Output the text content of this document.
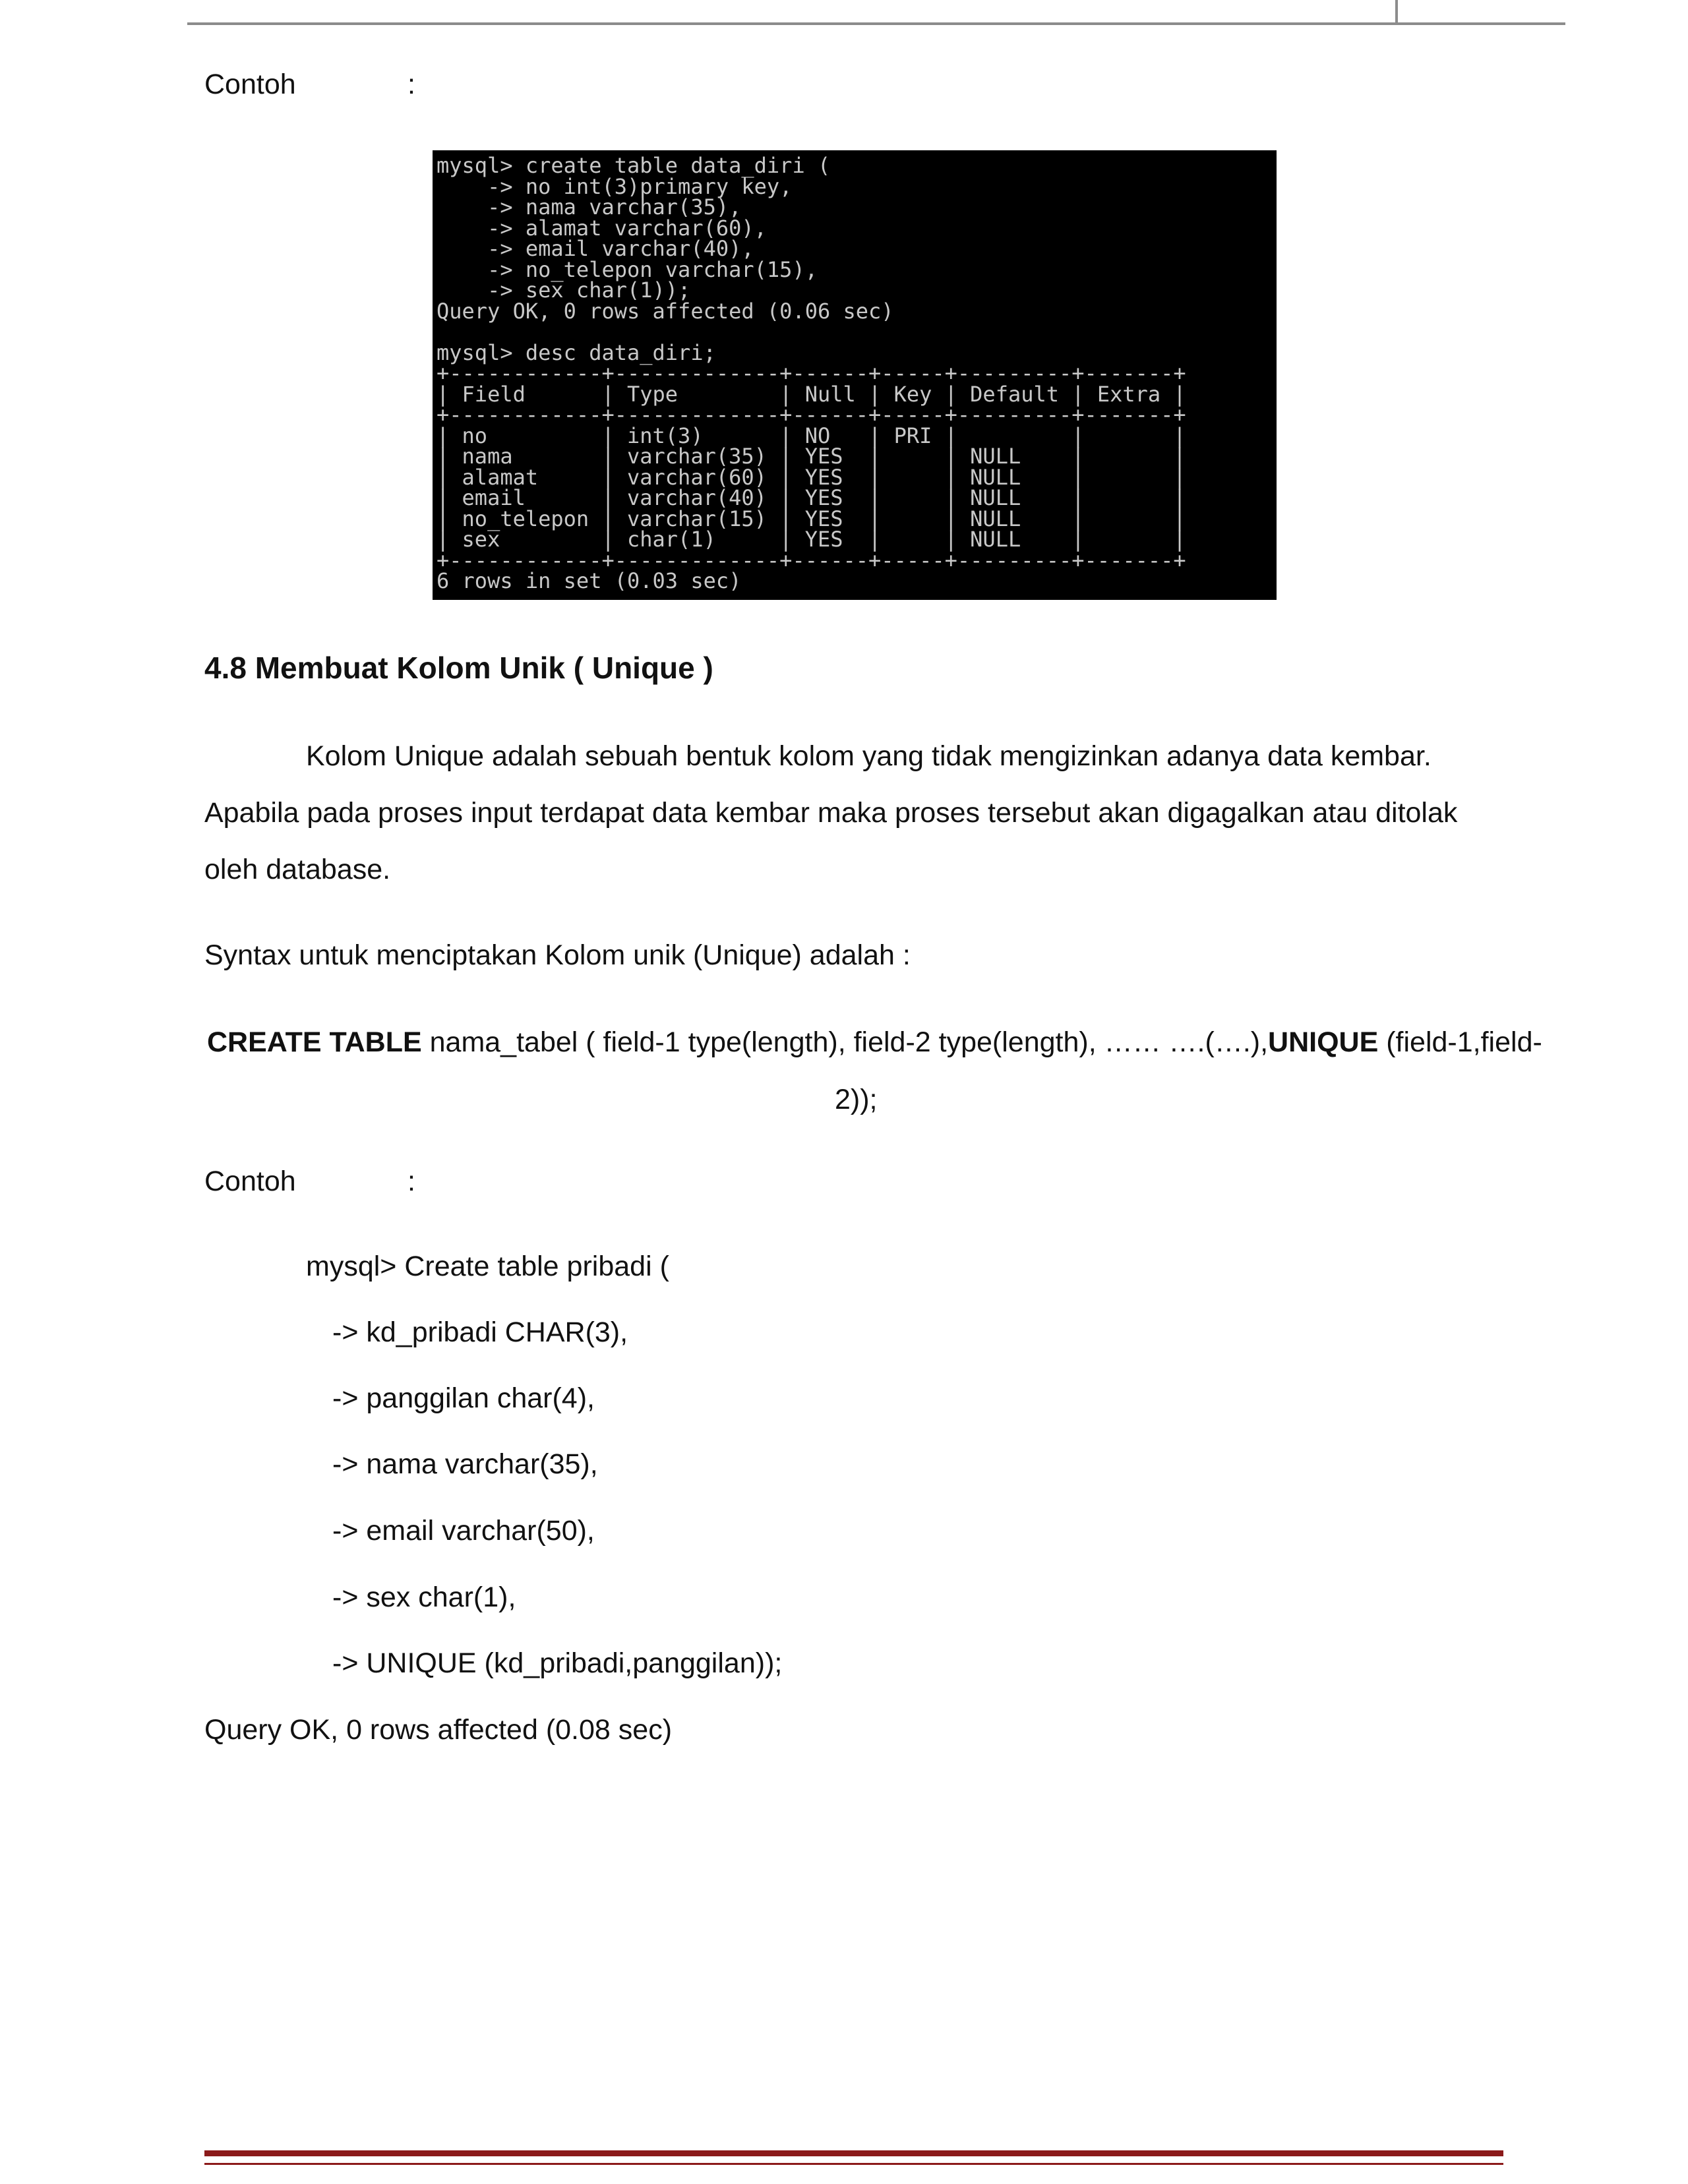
Contoh	:
mysql> create table data_diri (
-> no int(3)primary key,
-> nama varchar(35),
-> alamat varchar(60),
-> email varchar(40),
-> no_telepon varchar(15),
-> sex char(1));
Query OK, 0 rows affected (0.06 sec)

mysql> desc data_diri;
+------------+-------------+------+-----+---------+-------+
| Field      | Type        | Null | Key | Default | Extra |
+------------+-------------+------+-----+---------+-------+
| no         | int(3)      | NO   | PRI |         |       |
| nama       | varchar(35) | YES  |     | NULL    |       |
| alamat     | varchar(60) | YES  |     | NULL    |       |
| email      | varchar(40) | YES  |     | NULL    |       |
| no_telepon | varchar(15) | YES  |     | NULL    |       |
| sex        | char(1)     | YES  |     | NULL    |       |
+------------+-------------+------+-----+---------+-------+
6 rows in set (0.03 sec)
4.8 Membuat Kolom Unik ( Unique )
Kolom Unique adalah sebuah bentuk kolom yang tidak mengizinkan adanya data kembar.
Apabila pada proses input terdapat data kembar maka proses tersebut akan digagalkan atau ditolak
oleh database.
Syntax untuk menciptakan Kolom unik (Unique) adalah :
CREATE TABLE nama_tabel ( field-1 type(length), field-2 type(length), …… ….(….),UNIQUE (field-1,field-
2));
Contoh	:
mysql> Create table pribadi (
-> kd_pribadi CHAR(3),
-> panggilan char(4),
-> nama varchar(35),
-> email varchar(50),
-> sex char(1),
-> UNIQUE (kd_pribadi,panggilan));
Query OK, 0 rows affected (0.08 sec)
